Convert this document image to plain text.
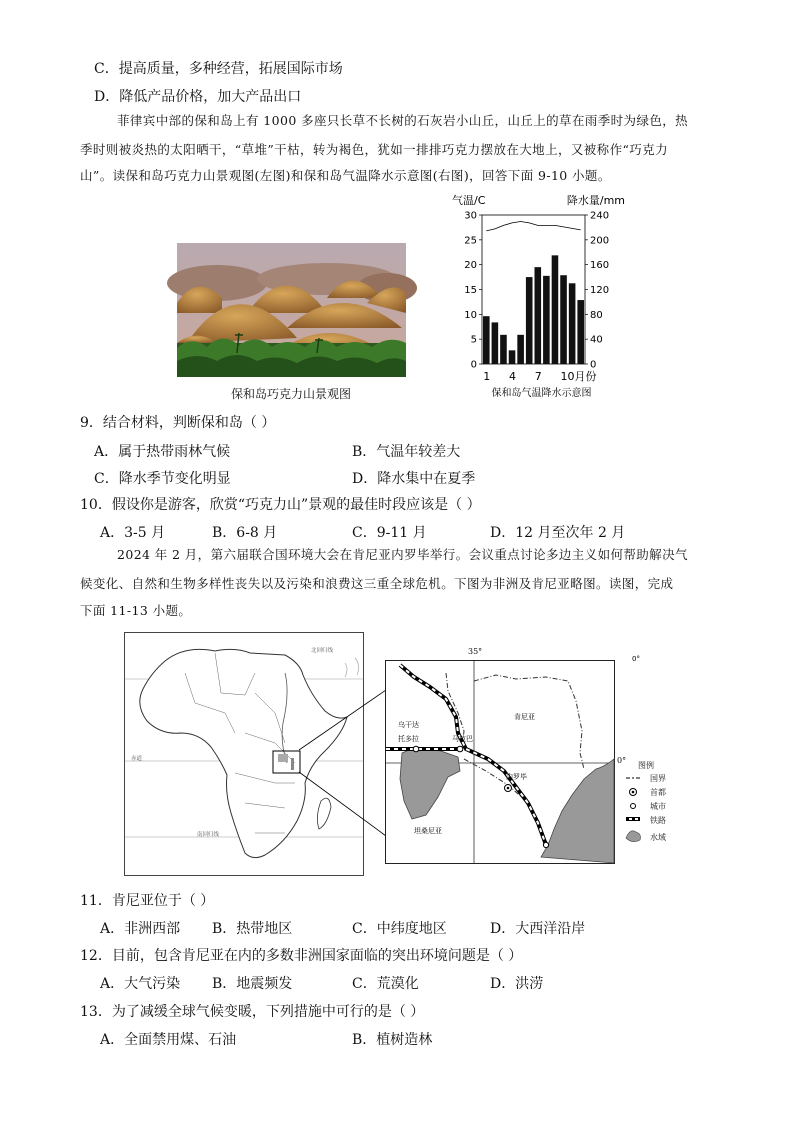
C．提高质量，多种经营，拓展国际市场
D．降低产品价格，加大产品出口
菲律宾中部的保和岛上有 1000 多座只长草不长树的石灰岩小山丘，山丘上的草在雨季时为绿色，热
季时则被炎热的太阳晒干，“草堆”干枯，转为褐色，犹如一排排巧克力摆放在大地上，又被称作“巧克力
山”。读保和岛巧克力山景观图(左图)和保和岛气温降水示意图(右图)，回答下面 9-10 小题。
保和岛巧克力山景观图
30
25
20
15
10
5
0
240
200
160
120
80
40
0
气温/C	降水量/mm
1 4 7 10月份
保和岛气温降水示意图
9．结合材料，判断保和岛（ ）
A．属于热带雨林气候	B．气温年较差大
C．降水季节变化明显	D．降水集中在夏季
10．假设你是游客，欣赏“巧克力山”景观的最佳时段应该是（ ）
A．3-5 月	B．6-8 月	C．9-11 月	D．12 月至次年 2 月
2024 年 2 月，第六届联合国环境大会在肯尼亚内罗毕举行。会议重点讨论多边主义如何帮助解决气
候变化、自然和生物多样性丧失以及污染和浪费这三重全球危机。下图为非洲及肯尼亚略图。读图，完成
下面 11-13 小题。
北回归线
赤道
南回归线
乌干达
托多拉	马拉巴
肯尼亚
内罗毕
坦桑尼亚
0°
35°
0°
图例
国界
首都
城市
铁路
水域
11．肯尼亚位于（ ）
A．非洲西部 B．热带地区	C．中纬度地区	D．大西洋沿岸
12．目前，包含肯尼亚在内的多数非洲国家面临的突出环境问题是（ ）
A．大气污染 B．地震频发	C．荒漠化	D．洪涝
13．为了减缓全球气候变暖，下列措施中可行的是（ ）
A．全面禁用煤、石油	B．植树造林
